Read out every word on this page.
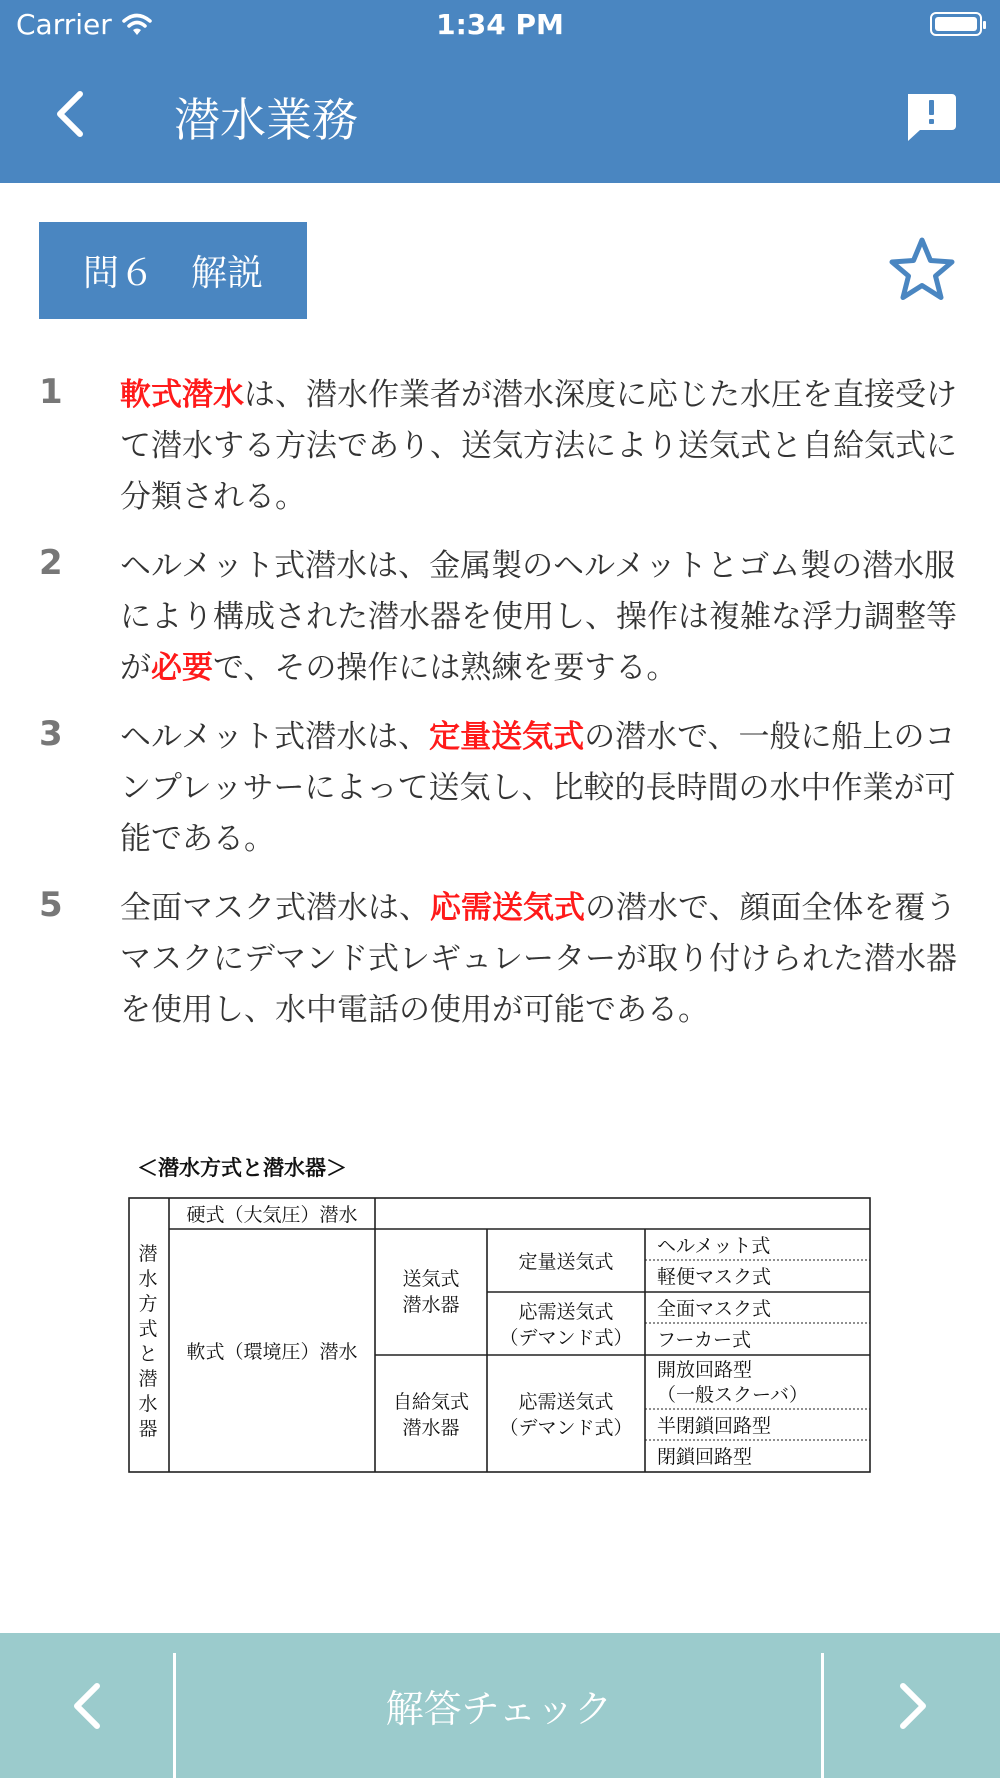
Carrier	1:34 PM
潜水業務
問６　解説
1 軟式潜水は、潜水作業者が潜水深度に応じた水圧を直接受けて潜水する方法であり、送気方法により送気式と自給気式に分類される。
2 ヘルメット式潜水は、金属製のヘルメットとゴム製の潜水服により構成された潜水器を使用し、操作は複雑な浮力調整等が必要で、その操作には熟練を要する。
3 ヘルメット式潜水は、定量送気式の潜水で、一般に船上のコンプレッサーによって送気し、比較的長時間の水中作業が可能である。
5 全面マスク式潜水は、応需送気式の潜水で、顔面全体を覆うマスクにデマンド式レギュレーターが取り付けられた潜水器を使用し、水中電話の使用が可能である。
＜潜水方式と潜水器＞
潜水方式と潜水器
硬式（大気圧）潜水
軟式（環境圧）潜水
送気式
潜水器
自給気式
潜水器
定量送気式
応需送気式
（デマンド式）
応需送気式
（デマンド式）
ヘルメット式
軽便マスク式
全面マスク式
フーカー式
開放回路型
（一般スクーバ）
半閉鎖回路型
閉鎖回路型
解答チェック
